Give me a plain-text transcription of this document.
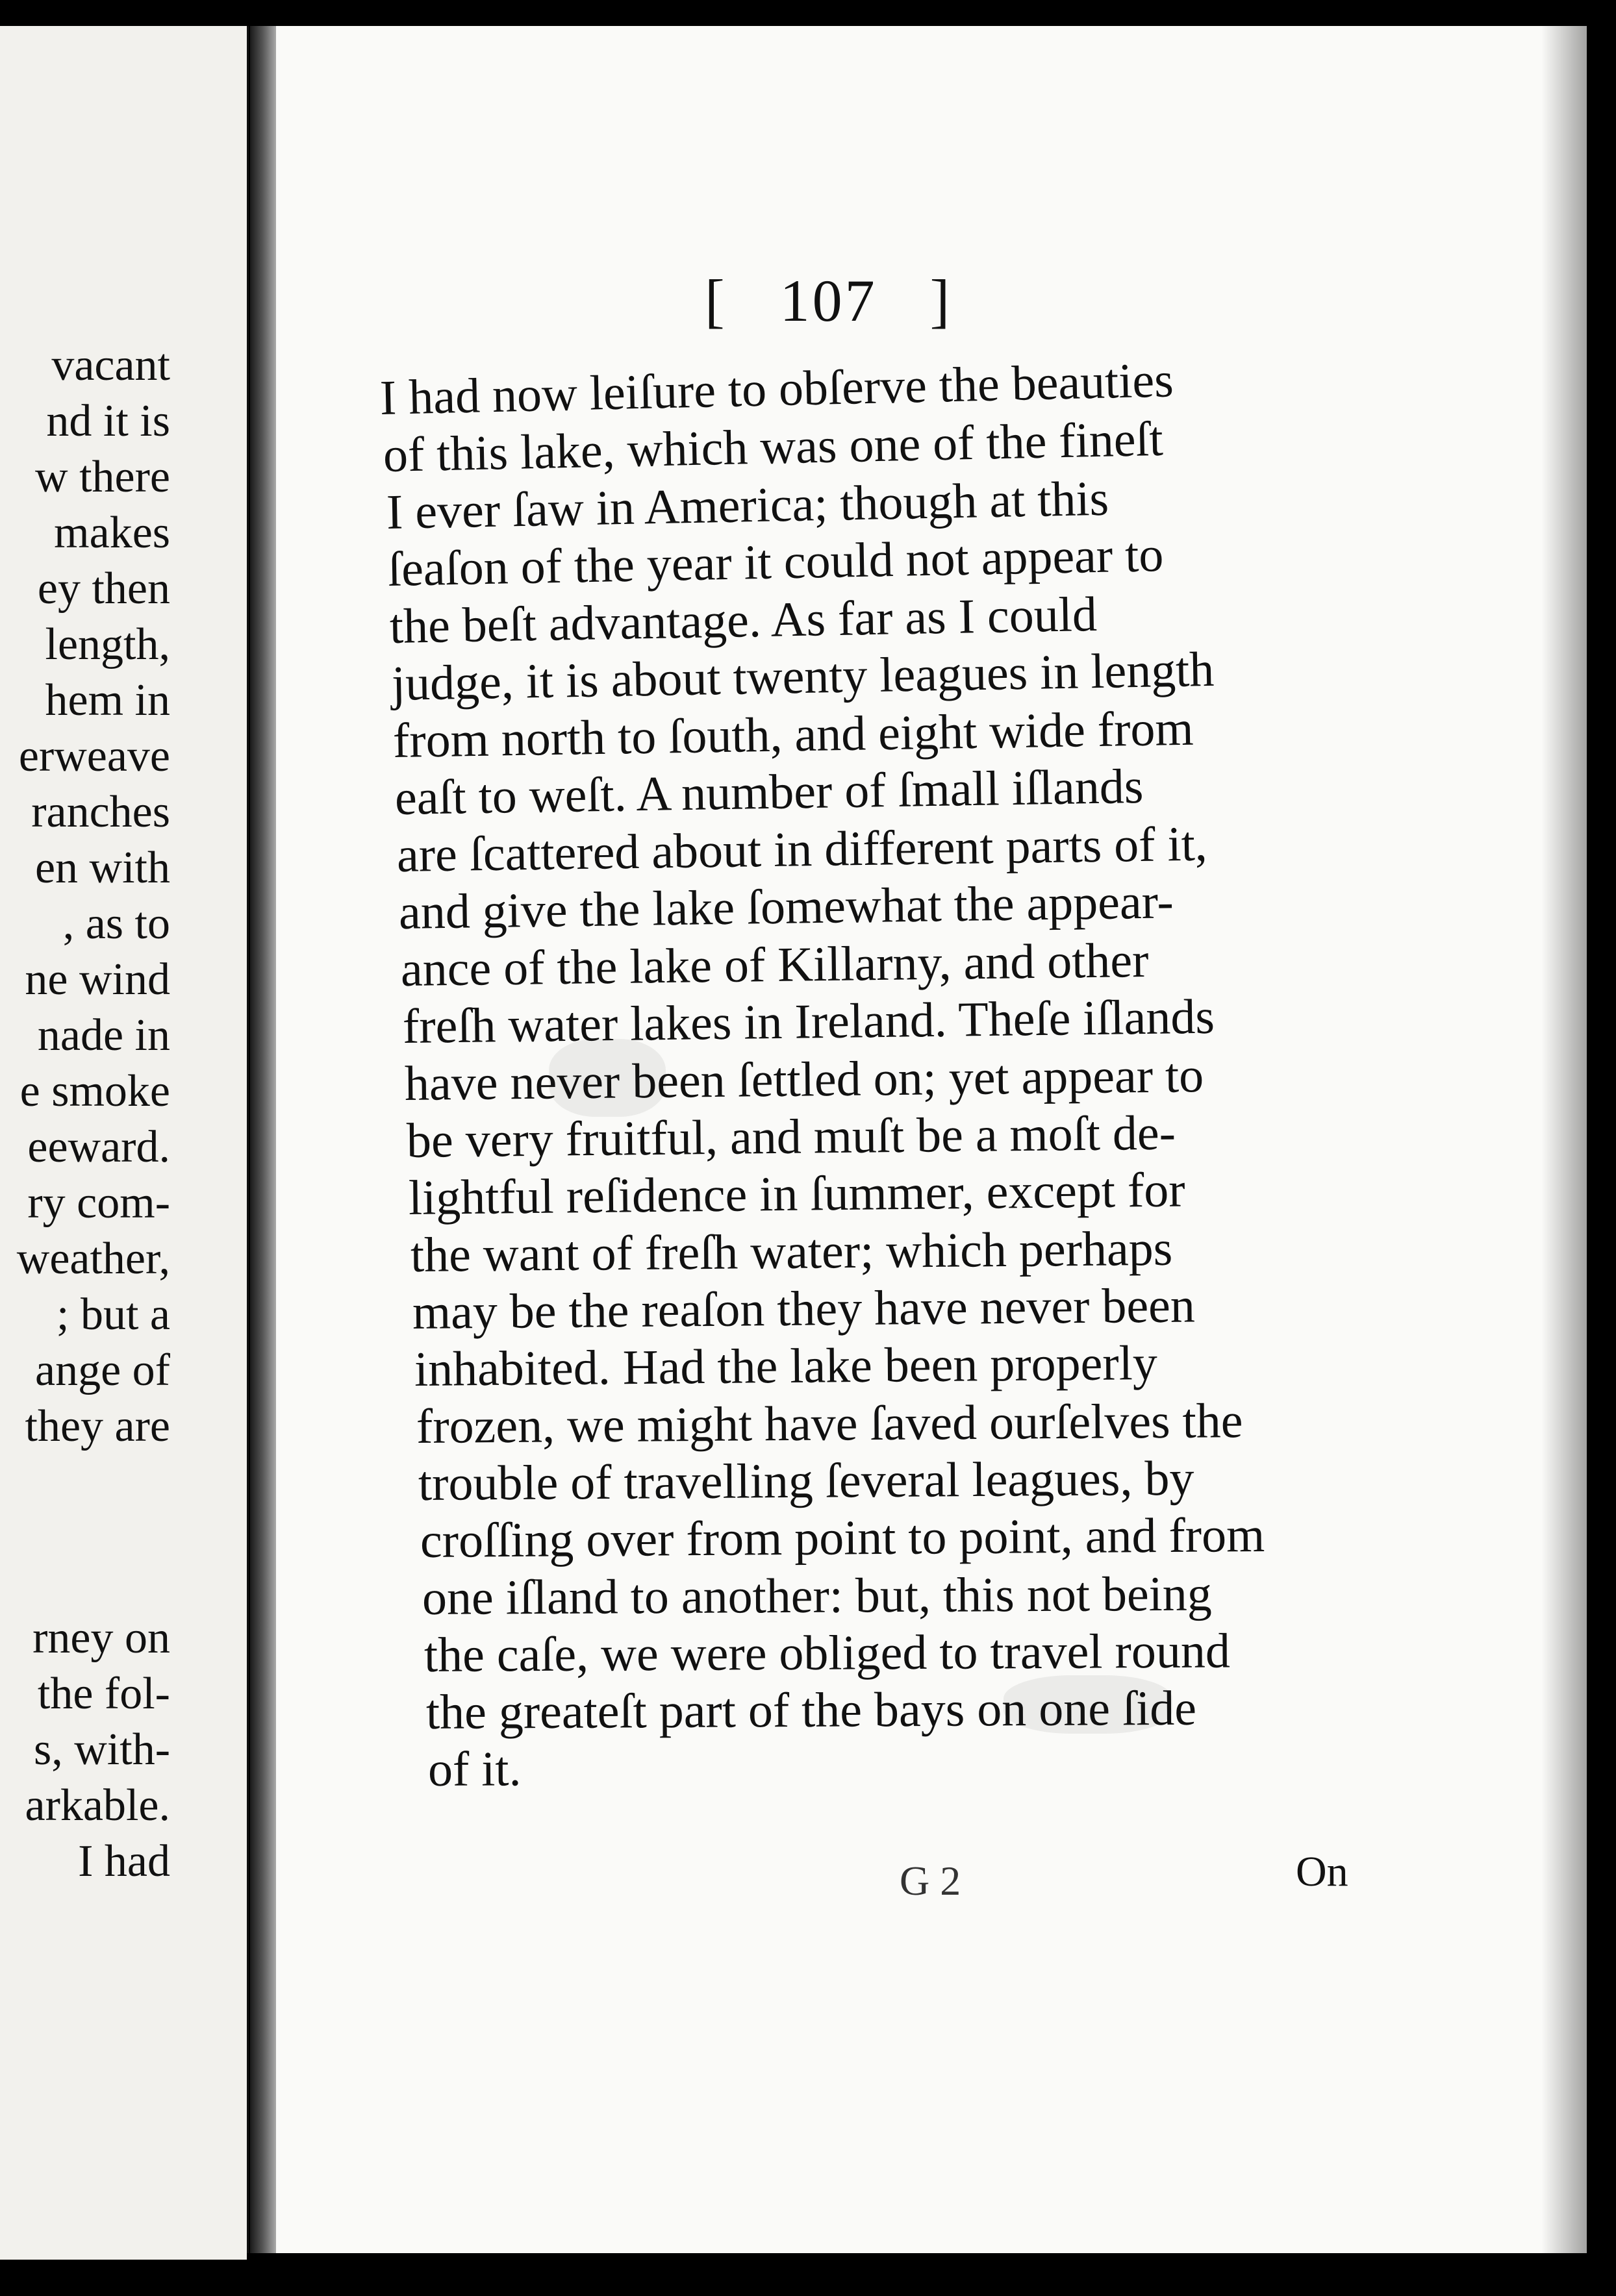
vacant
nd it is
w there
makes
ey then
length,
hem in
erweave
ranches
en with
, as to
ne wind
nade in
e smoke
eeward.
ry com-
weather,
; but a
ange of
they are
rney on
the fol-
s, with-
arkable.
I had
[ 107 ]
I had now leiſure to obſerve the beauties
of this lake, which was one of the fineſt
I ever ſaw in America; though at this
ſeaſon of the year it could not appear to
the beſt advantage. As far as I could
judge, it is about twenty leagues in length
from north to ſouth, and eight wide from
eaſt to weſt. A number of ſmall iſlands
are ſcattered about in different parts of it,
and give the lake ſomewhat the appear-
ance of the lake of Killarny, and other
freſh water lakes in Ireland. Theſe iſlands
have never been ſettled on; yet appear to
be very fruitful, and muſt be a moſt de-
lightful reſidence in ſummer, except for
the want of freſh water; which perhaps
may be the reaſon they have never been
inhabited. Had the lake been properly
frozen, we might have ſaved ourſelves the
trouble of travelling ſeveral leagues, by
croſſing over from point to point, and from
one iſland to another: but, this not being
the caſe, we were obliged to travel round
the greateſt part of the bays on one ſide
of it.
G 2	On
